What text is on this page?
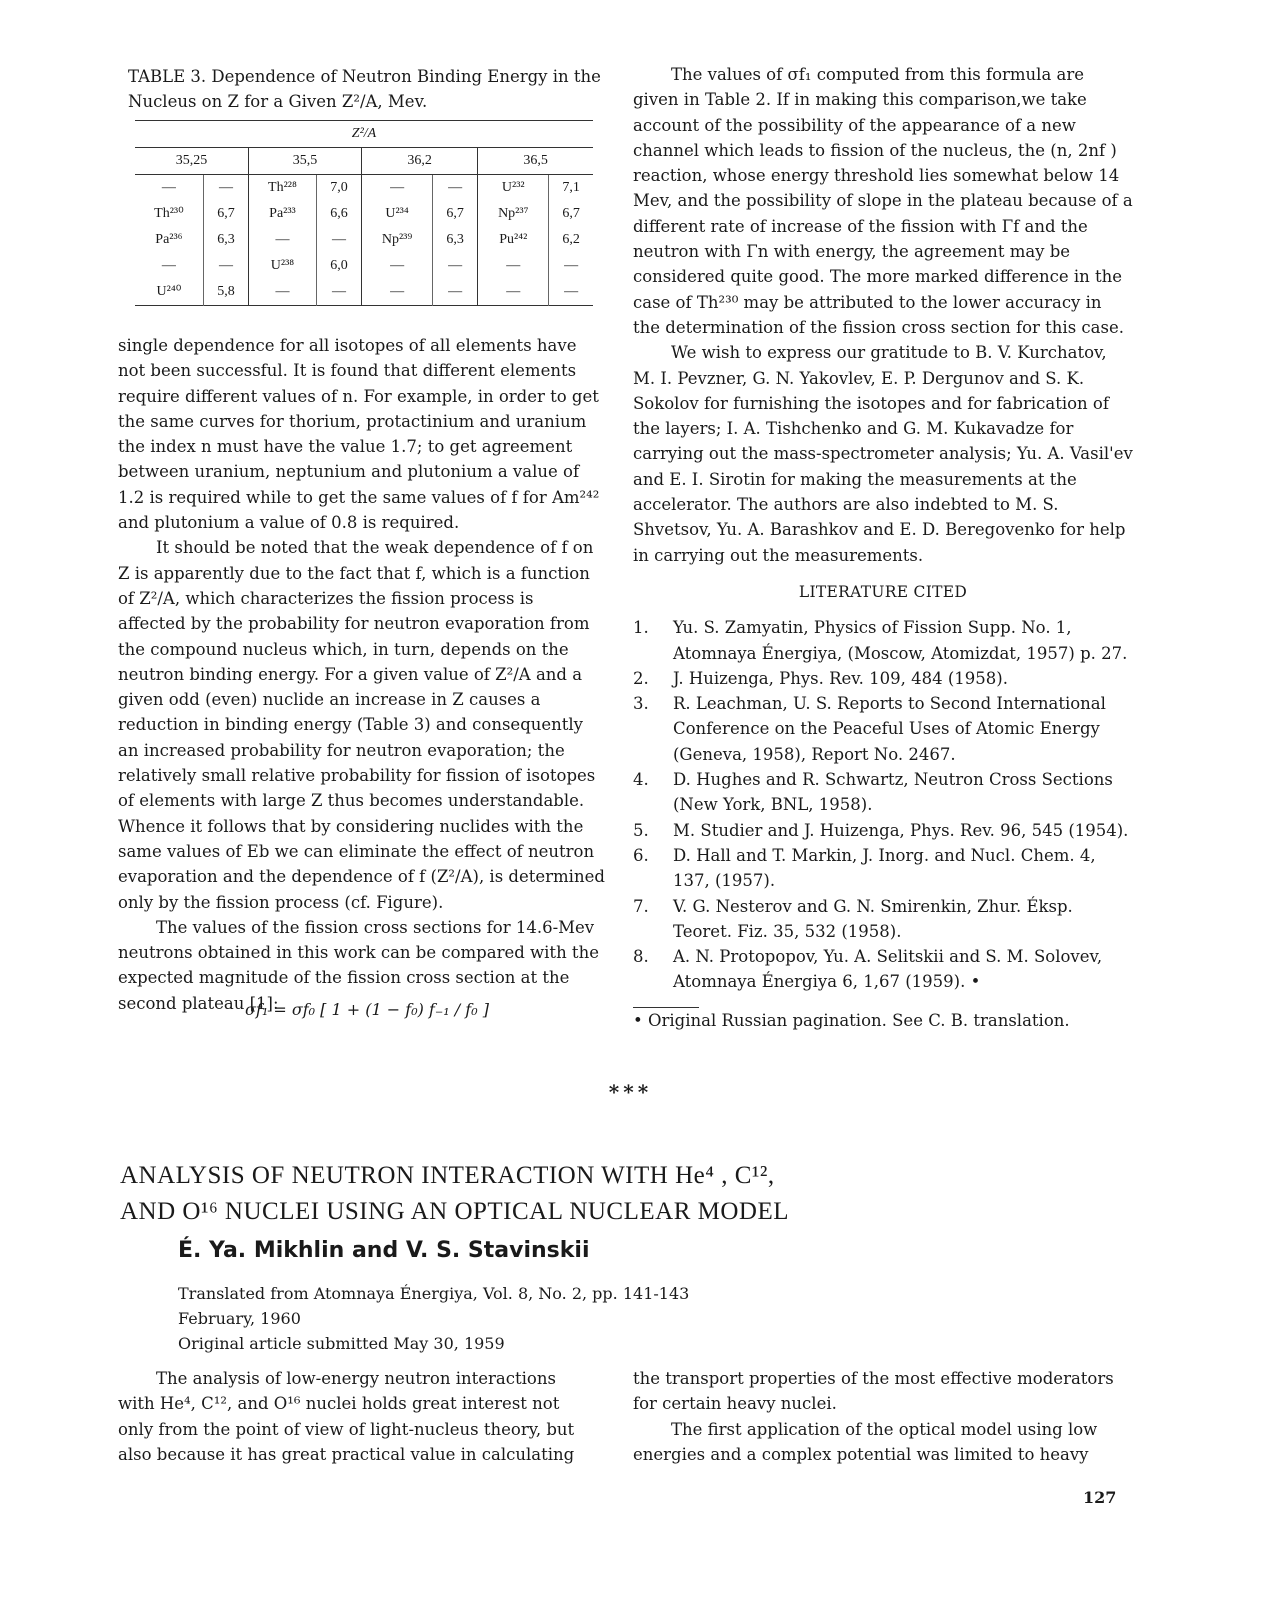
TABLE 3. Dependence of Neutron Binding Energy in the
Nucleus on Z for a Given Z²/A, Mev.
Z²/A							
35,25		35,5		36,2		36,5	
—	—	Th²²⁸	7,0	—	—	U²³²	7,1
Th²³⁰	6,7	Pa²³³	6,6	U²³⁴	6,7	Np²³⁷	6,7
Pa²³⁶	6,3	—	—	Np²³⁹	6,3	Pu²⁴²	6,2
—	—	U²³⁸	6,0	—	—	—	—
U²⁴⁰	5,8	—	—	—	—	—	—

single dependence for all isotopes of all elements have not been successful. It is found that different elements require different values of n. For example, in order to get the same curves for thorium, protactinium and uranium the index n must have the value 1.7; to get agreement between uranium, neptunium and plutonium a value of 1.2 is required while to get the same values of f for Am²⁴² and plutonium a value of 0.8 is required.

It should be noted that the weak dependence of f on Z is apparently due to the fact that f, which is a function of Z²/A, which characterizes the fission process is affected by the probability for neutron evaporation from the compound nucleus which, in turn, depends on the neutron binding energy. For a given value of Z²/A and a given odd (even) nuclide an increase in Z causes a reduction in binding energy (Table 3) and consequently an increased probability for neutron evaporation; the relatively small relative probability for fission of isotopes of elements with large Z thus becomes understandable. Whence it follows that by considering nuclides with the same values of Eb we can eliminate the effect of neutron evaporation and the dependence of f (Z²/A), is determined only by the fission process (cf. Figure).

The values of the fission cross sections for 14.6-Mev neutrons obtained in this work can be compared with the expected magnitude of the fission cross section at the second plateau [1]:

σf₁ = σf₀ [ 1 + (1 − f₀) f₋₁ / f₀ ]

The values of σf₁ computed from this formula are given in Table 2. If in making this comparison,we take account of the possibility of the appearance of a new channel which leads to fission of the nucleus, the (n, 2nf ) reaction, whose energy threshold lies somewhat below 14 Mev, and the possibility of slope in the plateau because of a different rate of increase of the fission with Γf and the neutron with Γn with energy, the agreement may be considered quite good. The more marked difference in the case of Th²³⁰ may be attributed to the lower accuracy in the determination of the fission cross section for this case.

We wish to express our gratitude to B. V. Kurchatov, M. I. Pevzner, G. N. Yakovlev, E. P. Dergunov and S. K. Sokolov for furnishing the isotopes and for fabrication of the layers; I. A. Tishchenko and G. M. Kukavadze for carrying out the mass-spectrometer analysis; Yu. A. Vasil'ev and E. I. Sirotin for making the measurements at the accelerator. The authors are also indebted to M. S. Shvetsov, Yu. A. Barashkov and E. D. Beregovenko for help in carrying out the measurements.

LITERATURE CITED
1.	Yu. S. Zamyatin, Physics of Fission Supp. No. 1, Atomnaya Énergiya, (Moscow, Atomizdat, 1957) p. 27.
2.	J. Huizenga, Phys. Rev. 109, 484 (1958).
3.	R. Leachman, U. S. Reports to Second International Conference on the Peaceful Uses of Atomic Energy (Geneva, 1958), Report No. 2467.
4.	D. Hughes and R. Schwartz, Neutron Cross Sections (New York, BNL, 1958).
5.	M. Studier and J. Huizenga, Phys. Rev. 96, 545 (1954).
6.	D. Hall and T. Markin, J. Inorg. and Nucl. Chem. 4, 137, (1957).
7.	V. G. Nesterov and G. N. Smirenkin, Zhur. Éksp. Teoret. Fiz. 35, 532 (1958).
8.	A. N. Protopopov, Yu. A. Selitskii and S. M. Solovev, Atomnaya Énergiya 6, 1,67 (1959). •
• Original Russian pagination. See C. B. translation.
***
ANALYSIS OF NEUTRON INTERACTION WITH He⁴ , C¹²,
AND O¹⁶ NUCLEI USING AN OPTICAL NUCLEAR MODEL
É. Ya. Mikhlin and V. S. Stavinskii
Translated from Atomnaya Énergiya, Vol. 8, No. 2, pp. 141-143
February, 1960
Original article submitted May 30, 1959

The analysis of low-energy neutron interactions with He⁴, C¹², and O¹⁶ nuclei holds great interest not only from the point of view of light-nucleus theory, but also because it has great practical value in calculating

the transport properties of the most effective moderators for certain heavy nuclei.

The first application of the optical model using low energies and a complex potential was limited to heavy

127
